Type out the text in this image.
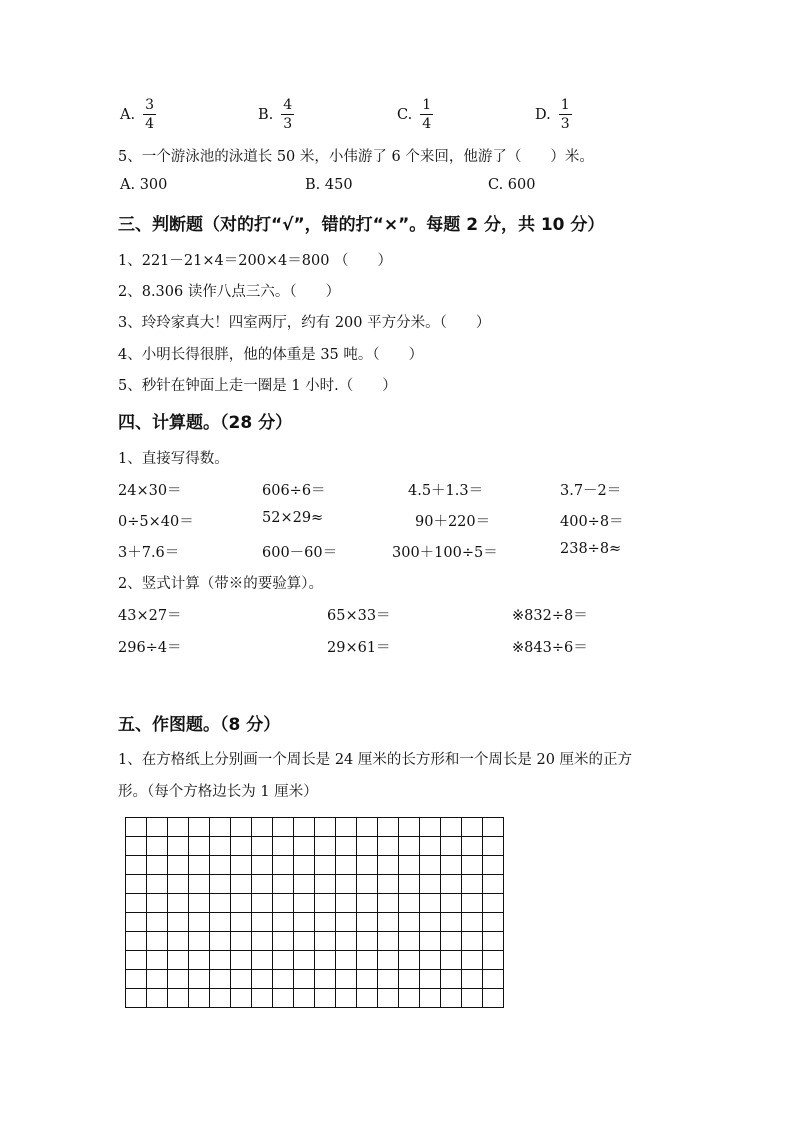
A. $\frac{3}{4}$	B. $\frac{4}{3}$	C. $\frac{1}{4}$	D. $\frac{1}{3}$
5、一个游泳池的泳道长 50 米，小伟游了 6 个来回，他游了（　　）米。
A. 300	B. 450	C. 600
三、判断题（对的打“√”，错的打“×”。每题 2 分，共 10 分）
1、221－21×4＝200×4＝800 （　　）
2、8.306 读作八点三六。（　　）
3、玲玲家真大！四室两厅，约有 200 平方分米。（　　）
4、小明长得很胖，他的体重是 35 吨。（　　）
5、秒针在钟面上走一圈是 1 小时.（　　）
四、计算题。（28 分）
1、直接写得数。
24×30＝	606÷6＝	4.5＋1.3＝	3.7－2＝
0÷5×40＝	52×29≈	90＋220＝	400÷8＝
3＋7.6＝	600－60＝	300＋100÷5＝	238÷8≈
2、竖式计算（带※的要验算）。
43×27＝	65×33＝	※832÷8＝
296÷4＝	29×61＝	※843÷6＝
五、作图题。（8 分）
1、在方格纸上分别画一个周长是 24 厘米的长方形和一个周长是 20 厘米的正方
形。（每个方格边长为 1 厘米）
